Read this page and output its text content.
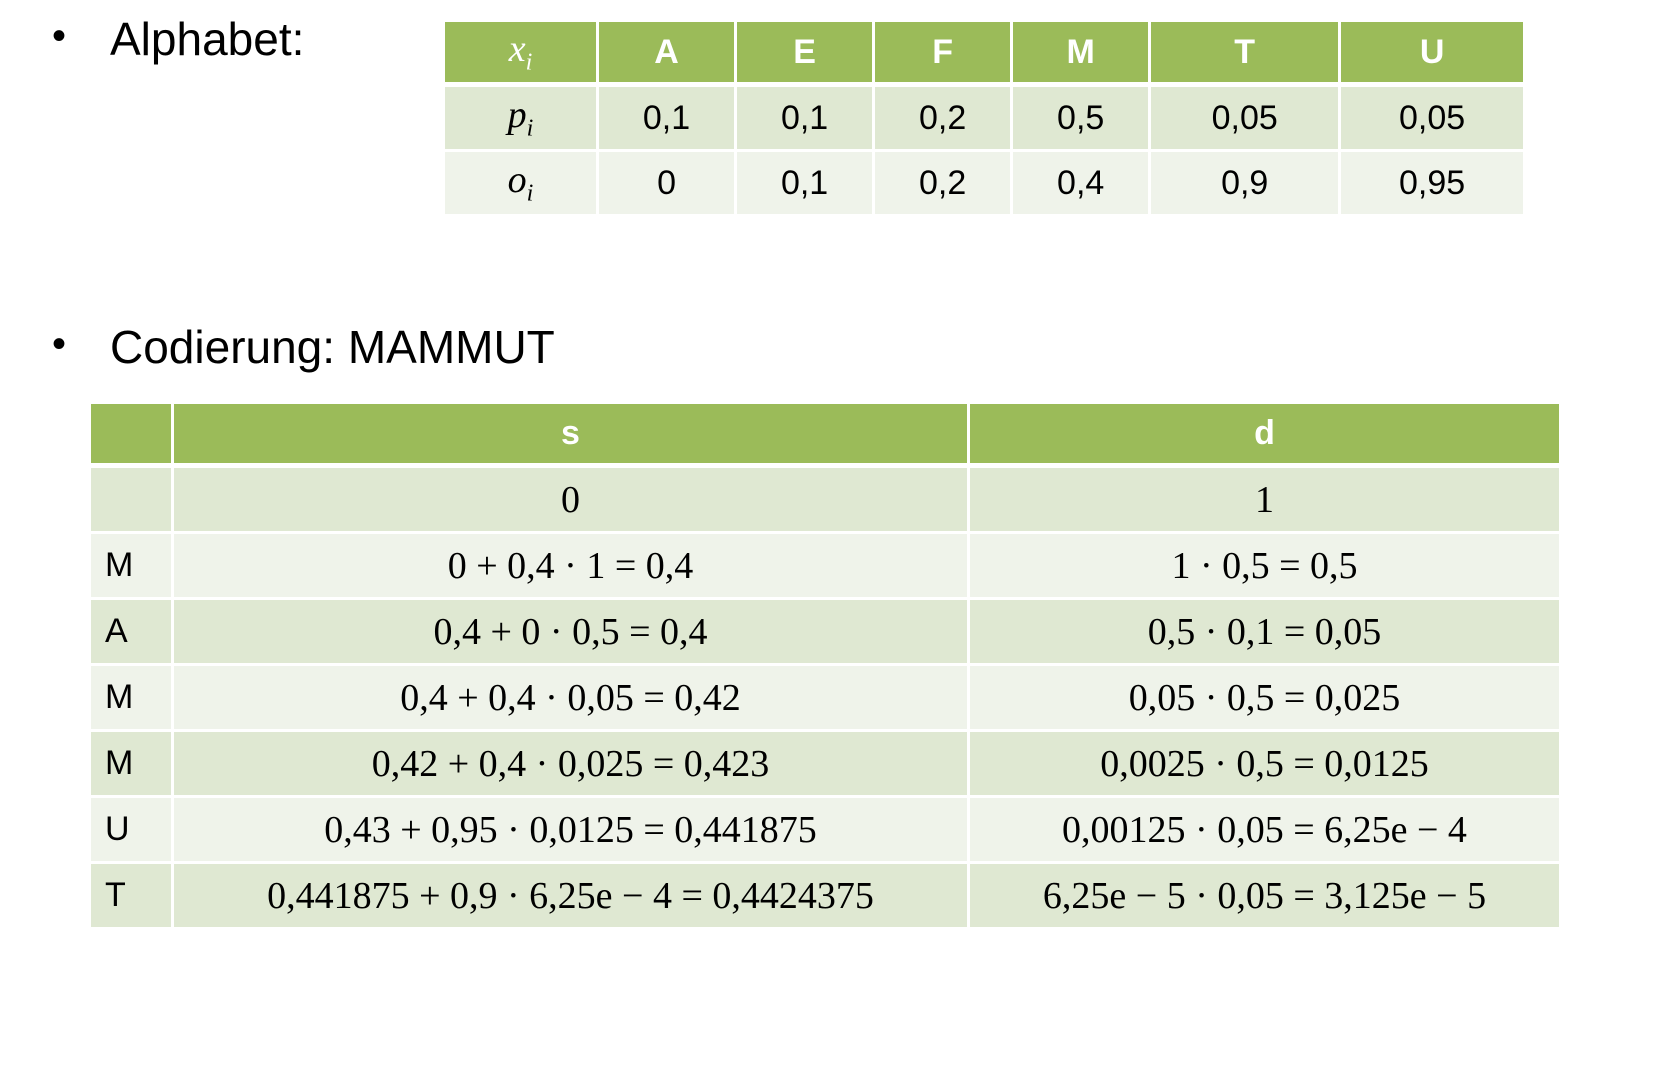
• Alphabet:	$x_i$	A	E	F	M	T	U
$p_i$	0,1	0,1	0,2	0,5	0,05	0,05
$o_i$	0	0,1	0,2	0,4	0,9	0,95
• Codierung: MAMMUT
	s	d
	0	1
M	0 + 0,4 · 1 = 0,4	1 · 0,5 = 0,5
A	0,4 + 0 · 0,5 = 0,4	0,5 · 0,1 = 0,05
M	0,4 + 0,4 · 0,05 = 0,42	0,05 · 0,5 = 0,025
M	0,42 + 0,4 · 0,025 = 0,423	0,0025 · 0,5 = 0,0125
U	0,43 + 0,95 · 0,0125 = 0,441875	0,00125 · 0,05 = 6,25e − 4
T	0,441875 + 0,9 · 6,25e − 4 = 0,4424375	6,25e − 5 · 0,05 = 3,125e − 5
